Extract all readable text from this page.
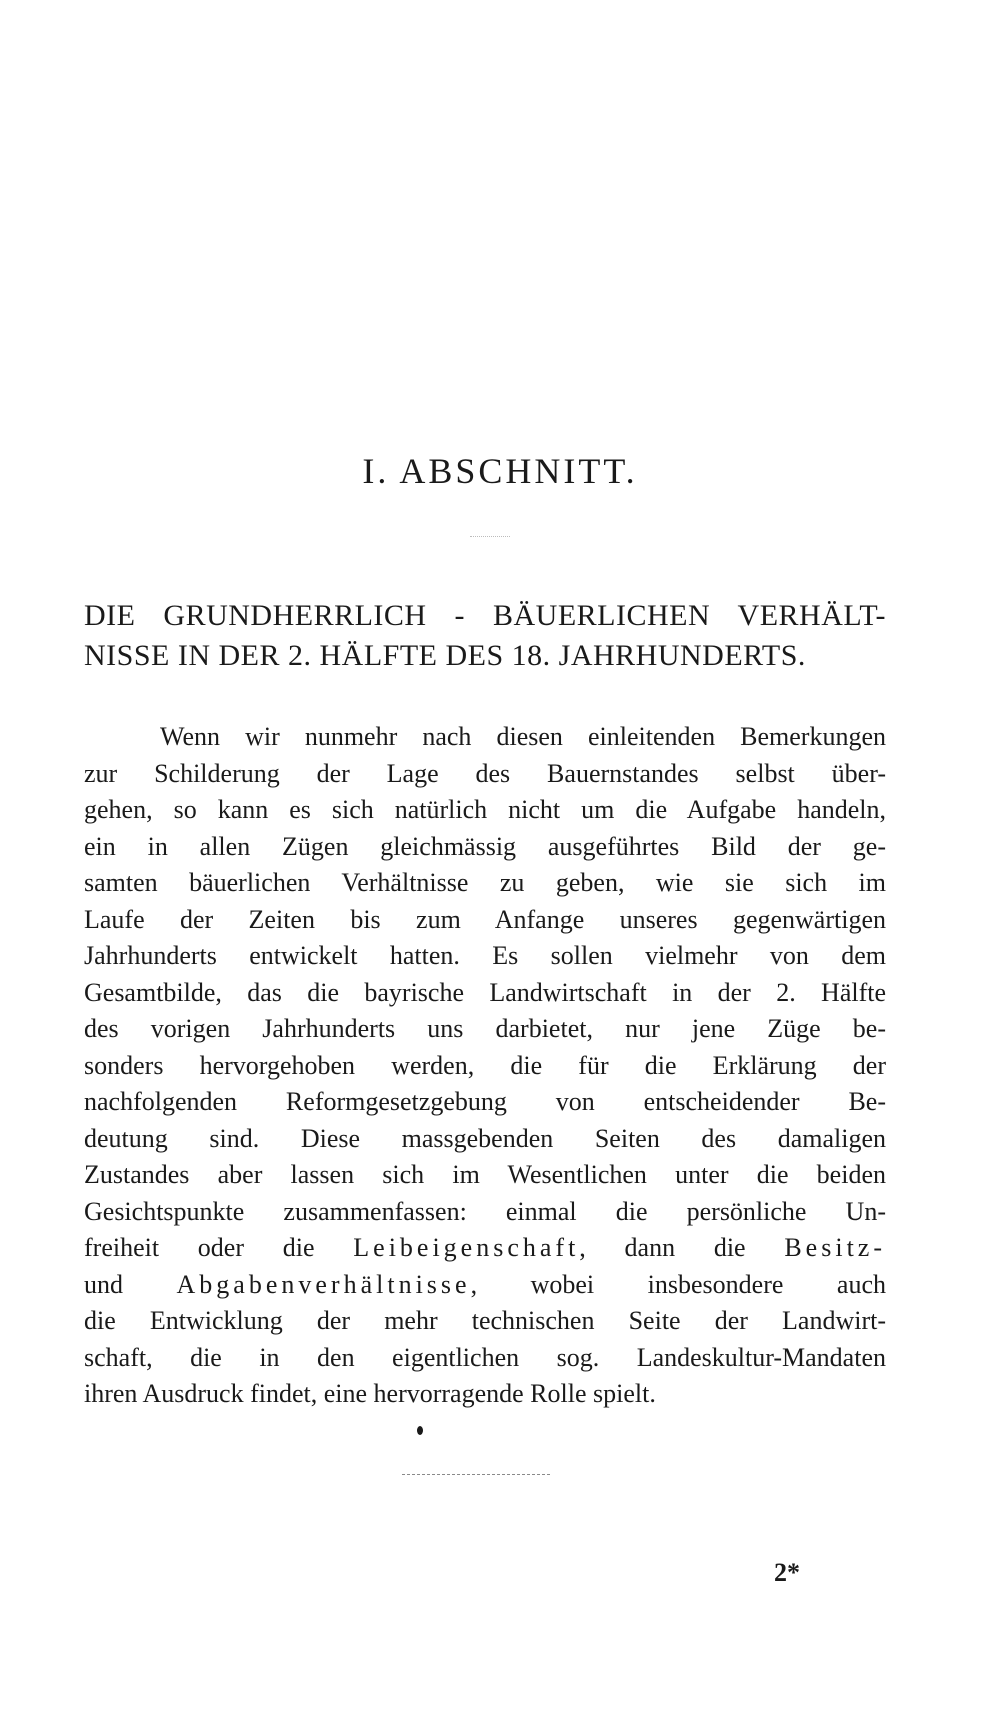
I. ABSCHNITT.
DIE GRUNDHERRLICH - BÄUERLICHEN VERHÄLT-
NISSE IN DER 2. HÄLFTE DES 18. JAHRHUNDERTS.

Wenn wir nunmehr nach diesen einleitenden Bemerkungen
zur Schilderung der Lage des Bauernstandes selbst über-
gehen, so kann es sich natürlich nicht um die Aufgabe handeln,
ein in allen Zügen gleichmässig ausgeführtes Bild der ge-
samten bäuerlichen Verhältnisse zu geben, wie sie sich im
Laufe der Zeiten bis zum Anfange unseres gegenwärtigen
Jahrhunderts entwickelt hatten. Es sollen vielmehr von dem
Gesamtbilde, das die bayrische Landwirtschaft in der 2. Hälfte
des vorigen Jahrhunderts uns darbietet, nur jene Züge be-
sonders hervorgehoben werden, die für die Erklärung der
nachfolgenden Reformgesetzgebung von entscheidender Be-
deutung sind. Diese massgebenden Seiten des damaligen
Zustandes aber lassen sich im Wesentlichen unter die beiden
Gesichtspunkte zusammenfassen: einmal die persönliche Un-
freiheit oder die Leibeigenschaft, dann die Besitz-
und Abgabenverhältnisse, wobei insbesondere auch
die Entwicklung der mehr technischen Seite der Landwirt-
schaft, die in den eigentlichen sog. Landeskultur-Mandaten
ihren Ausdruck findet, eine hervorragende Rolle spielt.

2*
